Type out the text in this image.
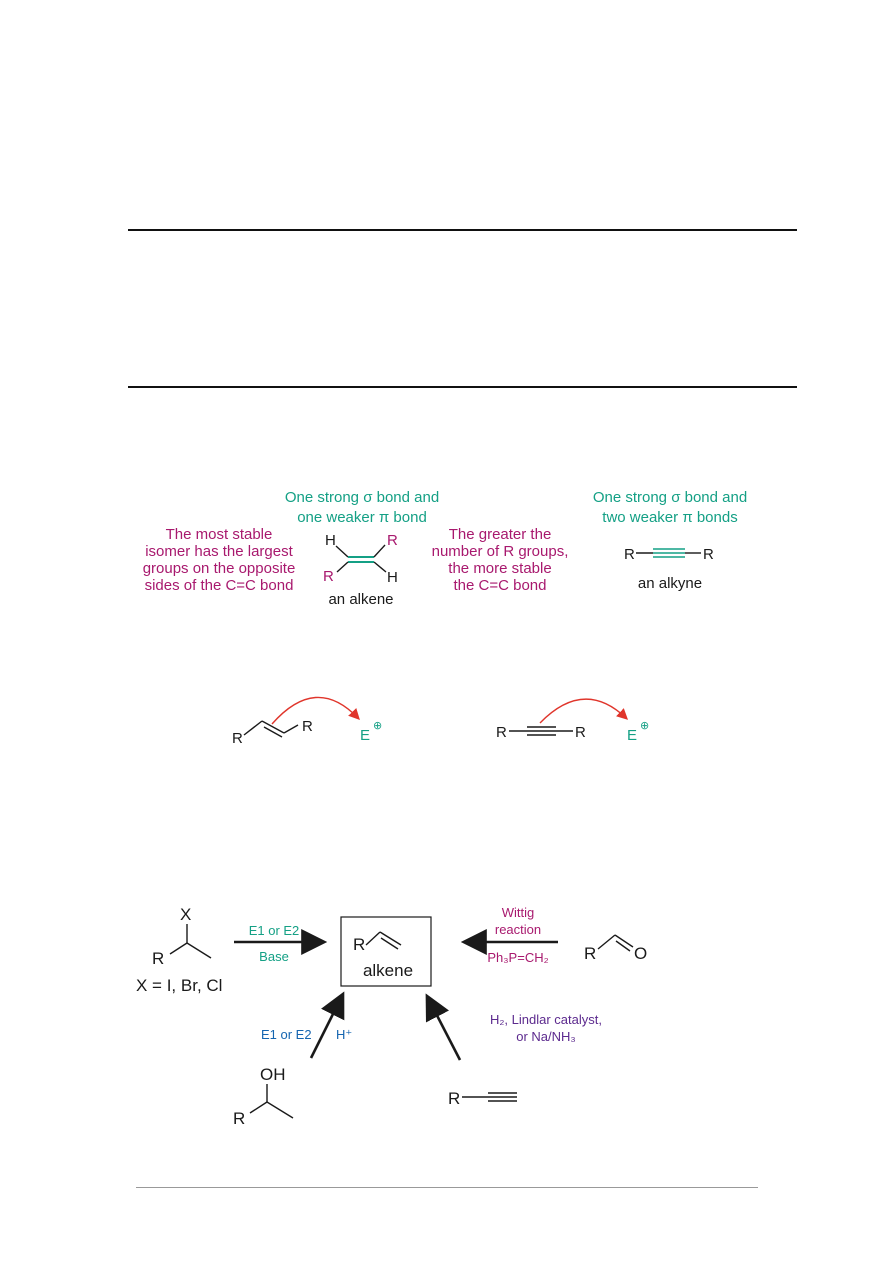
One strong σ bond and
one weaker π bond
The most stable
isomer has the largest
groups on the opposite
sides of the C=C bond
The greater the
number of R groups,
the more stable
the C=C bond
One strong σ bond and
two weaker π bonds
an alkene
an alkyne
H	R
R	H
R	R
R
R
E
⊕	R	R	E
⊕
R
alkene
X
R
X = I, Br, Cl
E1 or E2
Base	R O
Wittig
reaction
Ph₃P=CH₂
OH
R
E1 or E2 H⁺
R
H₂, Lindlar catalyst,
or Na/NH₃
